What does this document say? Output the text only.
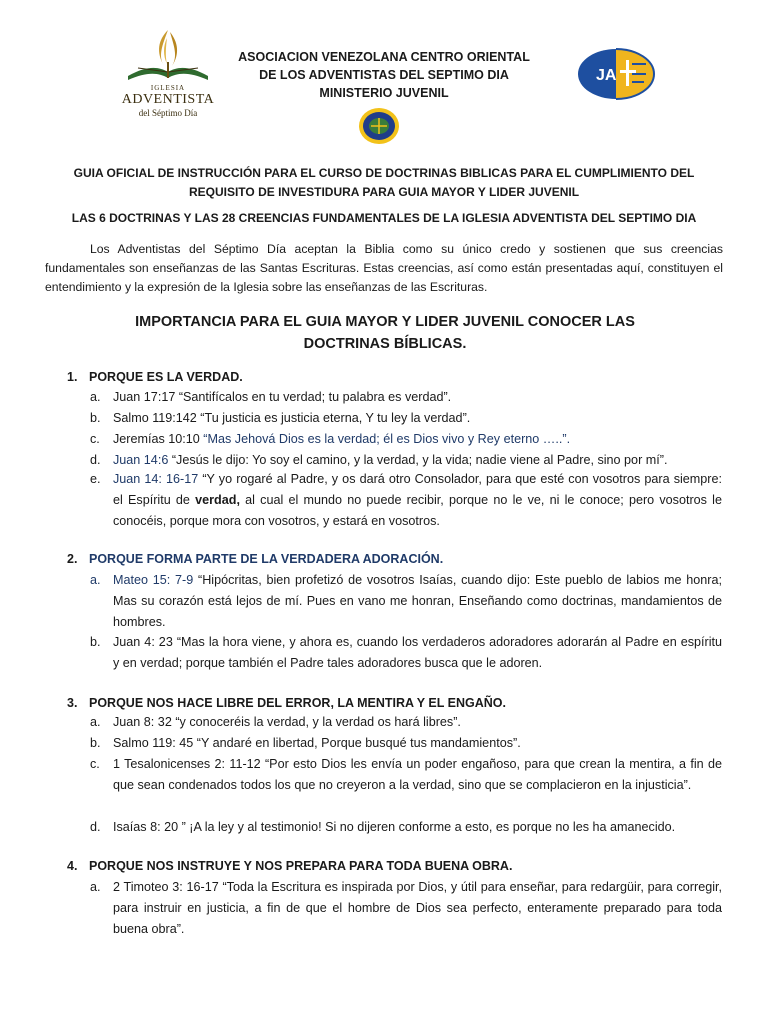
IGLESIA
ADVENTISTA
del Séptimo Día
ASOCIACION VENEZOLANA CENTRO ORIENTAL
DE LOS ADVENTISTAS DEL SEPTIMO DIA
MINISTERIO JUVENIL
JA
GUIA OFICIAL DE INSTRUCCIÓN PARA EL CURSO DE DOCTRINAS BIBLICAS PARA EL CUMPLIMIENTO DEL REQUISITO DE INVESTIDURA PARA GUIA MAYOR Y LIDER JUVENIL
LAS 6 DOCTRINAS Y LAS 28 CREENCIAS FUNDAMENTALES DE LA IGLESIA ADVENTISTA DEL SEPTIMO DIA

Los Adventistas del Séptimo Día aceptan la Biblia como su único credo y sostienen que sus creencias fundamentales son enseñanzas de las Santas Escrituras. Estas creencias, así como están presentadas aquí, constituyen el entendimiento y la expresión de la Iglesia sobre las enseñanzas de las Escrituras.

IMPORTANCIA PARA EL GUIA MAYOR Y LIDER JUVENIL CONOCER LAS DOCTRINAS BÍBLICAS.
1. PORQUE ES LA VERDAD.
a. Juan 17:17 “Santifícalos en tu verdad; tu palabra es verdad”.
b. Salmo 119:142 “Tu justicia es justicia eterna, Y tu ley la verdad”.
c. Jeremías 10:10 “Mas Jehová Dios es la verdad; él es Dios vivo y Rey eterno …..”.
d. Juan 14:6 “Jesús le dijo: Yo soy el camino, y la verdad, y la vida; nadie viene al Padre, sino por mí”.
e. Juan 14: 16-17 “Y yo rogaré al Padre, y os dará otro Consolador, para que esté con vosotros para siempre: el Espíritu de verdad, al cual el mundo no puede recibir, porque no le ve, ni le conoce; pero vosotros le conocéis, porque mora con vosotros, y estará en vosotros.
2. PORQUE FORMA PARTE DE LA VERDADERA ADORACIÓN.
a. Mateo 15: 7-9 “Hipócritas, bien profetizó de vosotros Isaías, cuando dijo: Este pueblo de labios me honra; Mas su corazón está lejos de mí. Pues en vano me honran, Enseñando como doctrinas, mandamientos de hombres.
b. Juan 4: 23 “Mas la hora viene, y ahora es, cuando los verdaderos adoradores adorarán al Padre en espíritu y en verdad; porque también el Padre tales adoradores busca que le adoren.
3. PORQUE NOS HACE LIBRE DEL ERROR, LA MENTIRA Y EL ENGAÑO.
a. Juan 8: 32 “y conoceréis la verdad, y la verdad os hará libres”.
b. Salmo 119: 45 “Y andaré en libertad, Porque busqué tus mandamientos”.
c. 1 Tesalonicenses 2: 11-12 “Por esto Dios les envía un poder engañoso, para que crean la mentira, a fin de que sean condenados todos los que no creyeron a la verdad, sino que se complacieron en la injusticia”.
d. Isaías 8: 20 ” ¡A la ley y al testimonio! Si no dijeren conforme a esto, es porque no les ha amanecido.
4. PORQUE NOS INSTRUYE Y NOS PREPARA PARA TODA BUENA OBRA.
a. 2 Timoteo 3: 16-17 “Toda la Escritura es inspirada por Dios, y útil para enseñar, para redargüir, para corregir, para instruir en justicia, a fin de que el hombre de Dios sea perfecto, enteramente preparado para toda buena obra”.
